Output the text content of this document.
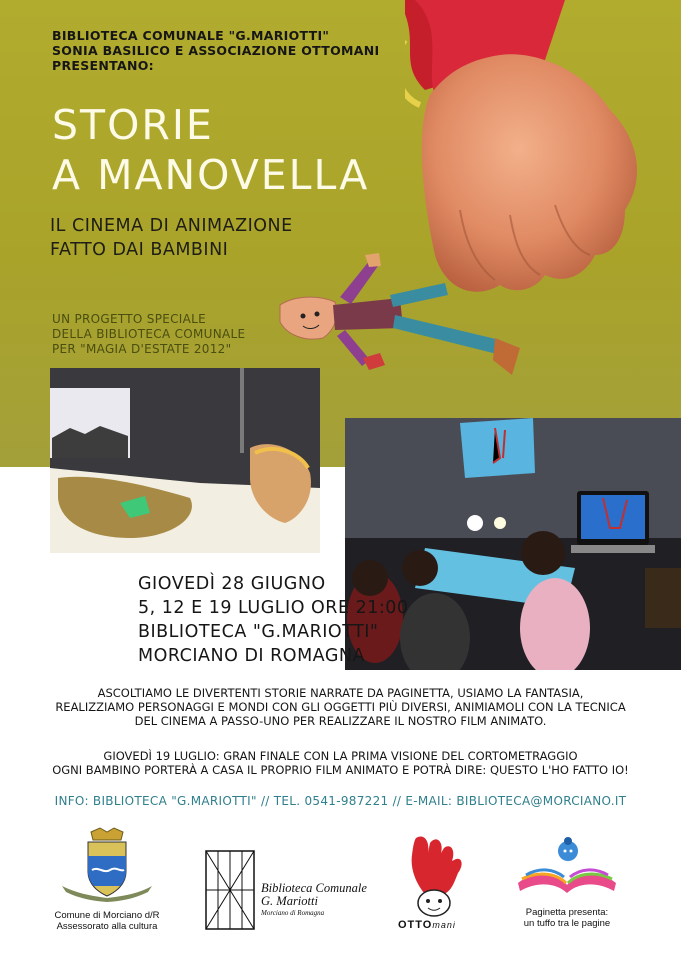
BIBLIOTECA COMUNALE "G.MARIOTTI"
SONIA BASILICO E ASSOCIAZIONE OTTOMANI
PRESENTANO:
STORIE
A MANOVELLA
IL CINEMA DI ANIMAZIONE
FATTO DAI BAMBINI
UN PROGETTO SPECIALE
DELLA BIBLIOTECA COMUNALE
PER "MAGIA D'ESTATE 2012"
GIOVEDÌ 28 GIUGNO
5, 12 E 19 LUGLIO ORE 21:00
BIBLIOTECA "G.MARIOTTI"
MORCIANO DI ROMAGNA
ASCOLTIAMO LE DIVERTENTI STORIE NARRATE DA PAGINETTA, USIAMO LA FANTASIA,
REALIZZIAMO PERSONAGGI E MONDI CON GLI OGGETTI PIÙ DIVERSI, ANIMIAMOLI CON LA TECNICA
DEL CINEMA A PASSO-UNO PER REALIZZARE IL NOSTRO FILM ANIMATO.
GIOVEDÌ 19 LUGLIO: GRAN FINALE CON LA PRIMA VISIONE DEL CORTOMETRAGGIO
OGNI BAMBINO PORTERÀ A CASA IL PROPRIO FILM ANIMATO E POTRÀ DIRE: QUESTO L'HO FATTO IO!
INFO: BIBLIOTECA "G.MARIOTTI" // TEL. 0541-987221 // E-MAIL: BIBLIOTECA@MORCIANO.IT
Comune di Morciano d/R
Assessorato alla cultura
Biblioteca Comunale
G. Mariotti
Morciano di Romagna
OTTOmani
Paginetta presenta:
un tuffo tra le pagine
